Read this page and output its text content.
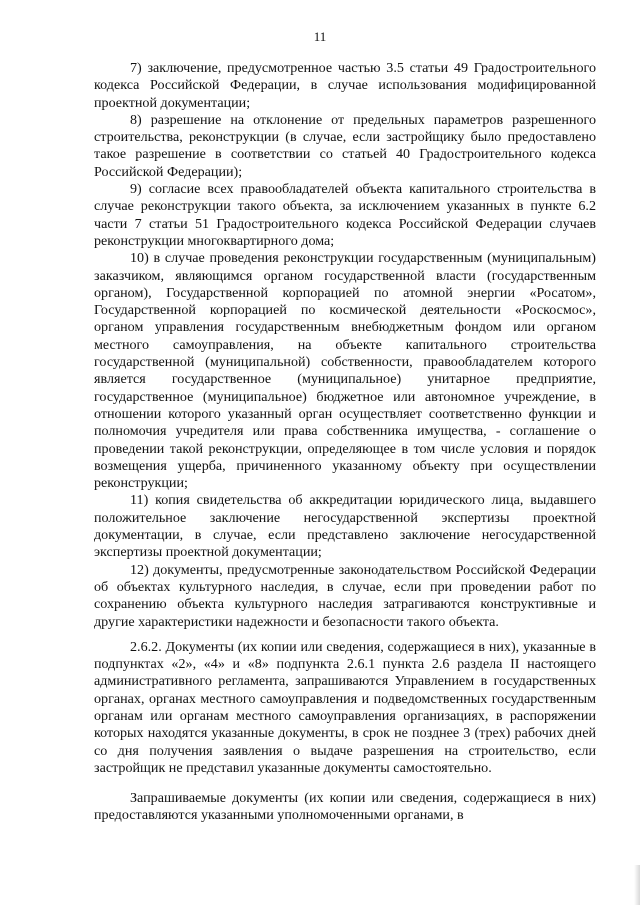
11

7) заключение, предусмотренное частью 3.5 статьи 49 Градостроительного кодекса Российской Федерации, в случае использования модифицированной проектной документации;

8) разрешение на отклонение от предельных параметров разрешенного строительства, реконструкции (в случае, если застройщику было предоставлено такое разрешение в соответствии со статьей 40 Градостроительного кодекса Российской Федерации);

9) согласие всех правообладателей объекта капитального строительства в случае реконструкции такого объекта, за исключением указанных в пункте 6.2 части 7 статьи 51 Градостроительного кодекса Российской Федерации случаев реконструкции многоквартирного дома;

10) в случае проведения реконструкции государственным (муниципальным) заказчиком, являющимся органом государственной власти (государственным органом), Государственной корпорацией по атомной энергии «Росатом», Государственной корпорацией по космической деятельности «Роскосмос», органом управления государственным внебюджетным фондом или органом местного самоуправления, на объекте капитального строительства государственной (муниципальной) собственности, правообладателем которого является государственное (муниципальное) унитарное предприятие, государственное (муниципальное) бюджетное или автономное учреждение, в отношении которого указанный орган осуществляет соответственно функции и полномочия учредителя или права собственника имущества, - соглашение о проведении такой реконструкции, определяющее в том числе условия и порядок возмещения ущерба, причиненного указанному объекту при осуществлении реконструкции;

11) копия свидетельства об аккредитации юридического лица, выдавшего положительное заключение негосударственной экспертизы проектной документации, в случае, если представлено заключение негосударственной экспертизы проектной документации;

12) документы, предусмотренные законодательством Российской Федерации об объектах культурного наследия, в случае, если при проведении работ по сохранению объекта культурного наследия затрагиваются конструктивные и другие характеристики надежности и безопасности такого объекта.

2.6.2. Документы (их копии или сведения, содержащиеся в них), указанные в подпунктах «2», «4» и «8» подпункта 2.6.1 пункта 2.6 раздела II настоящего административного регламента, запрашиваются Управлением в государственных органах, органах местного самоуправления и подведомственных государственным органам или органам местного самоуправления организациях, в распоряжении которых находятся указанные документы, в срок не позднее 3 (трех) рабочих дней со дня получения заявления о выдаче разрешения на строительство, если застройщик не представил указанные документы самостоятельно.

Запрашиваемые документы (их копии или сведения, содержащиеся в них) предоставляются указанными уполномоченными органами, в
